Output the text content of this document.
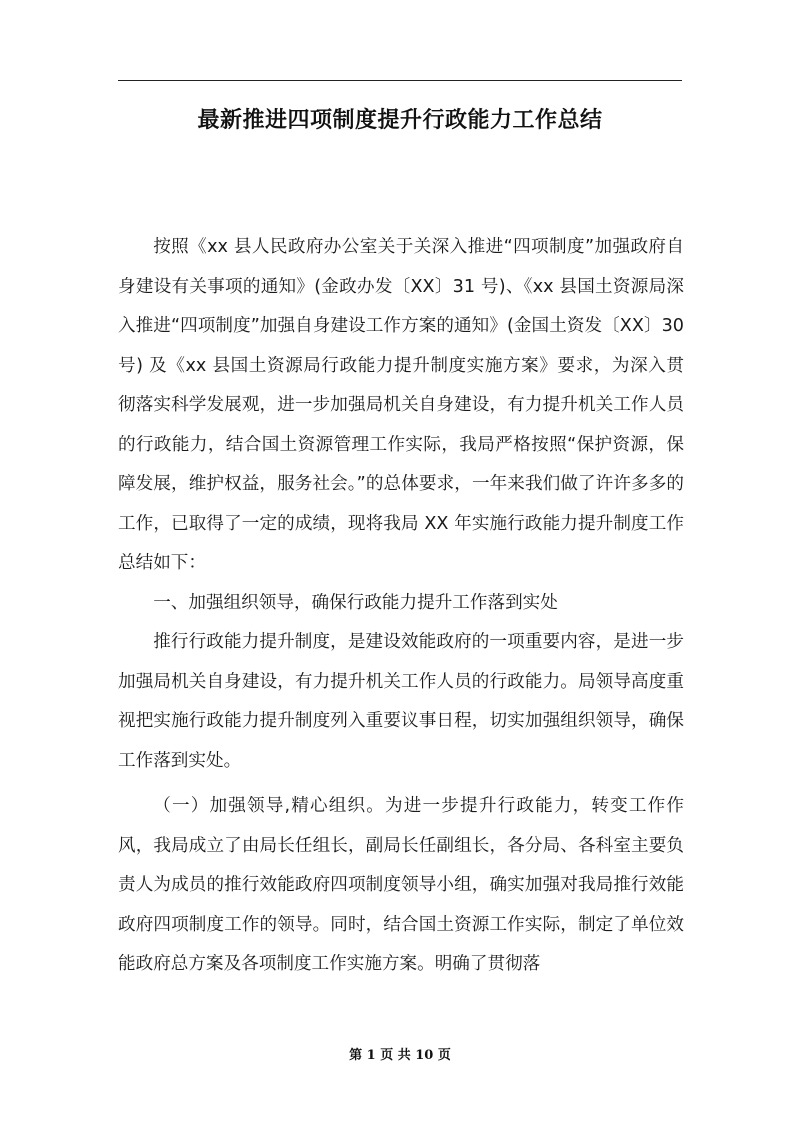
最新推进四项制度提升行政能力工作总结

按照《xx 县人民政府办公室关于关深入推进“四项制度”加强政府自身建设有关事项的通知》(金政办发〔XX〕31 号)、《xx 县国土资源局深入推进“四项制度”加强自身建设工作方案的通知》(金国土资发〔XX〕30 号) 及《xx 县国土资源局行政能力提升制度实施方案》要求，为深入贯彻落实科学发展观，进一步加强局机关自身建设，有力提升机关工作人员的行政能力，结合国土资源管理工作实际，我局严格按照“保护资源，保障发展，维护权益，服务社会。”的总体要求，一年来我们做了许许多多的工作，已取得了一定的成绩，现将我局 XX 年实施行政能力提升制度工作总结如下：

一、加强组织领导，确保行政能力提升工作落到实处

推行行政能力提升制度，是建设效能政府的一项重要内容，是进一步加强局机关自身建设，有力提升机关工作人员的行政能力。局领导高度重视把实施行政能力提升制度列入重要议事日程，切实加强组织领导，确保工作落到实处。

（一）加强领导,精心组织。为进一步提升行政能力，转变工作作风，我局成立了由局长任组长，副局长任副组长，各分局、各科室主要负责人为成员的推行效能政府四项制度领导小组，确实加强对我局推行效能政府四项制度工作的领导。同时，结合国土资源工作实际，制定了单位效能政府总方案及各项制度工作实施方案。明确了贯彻落

第 1 页 共 10 页
